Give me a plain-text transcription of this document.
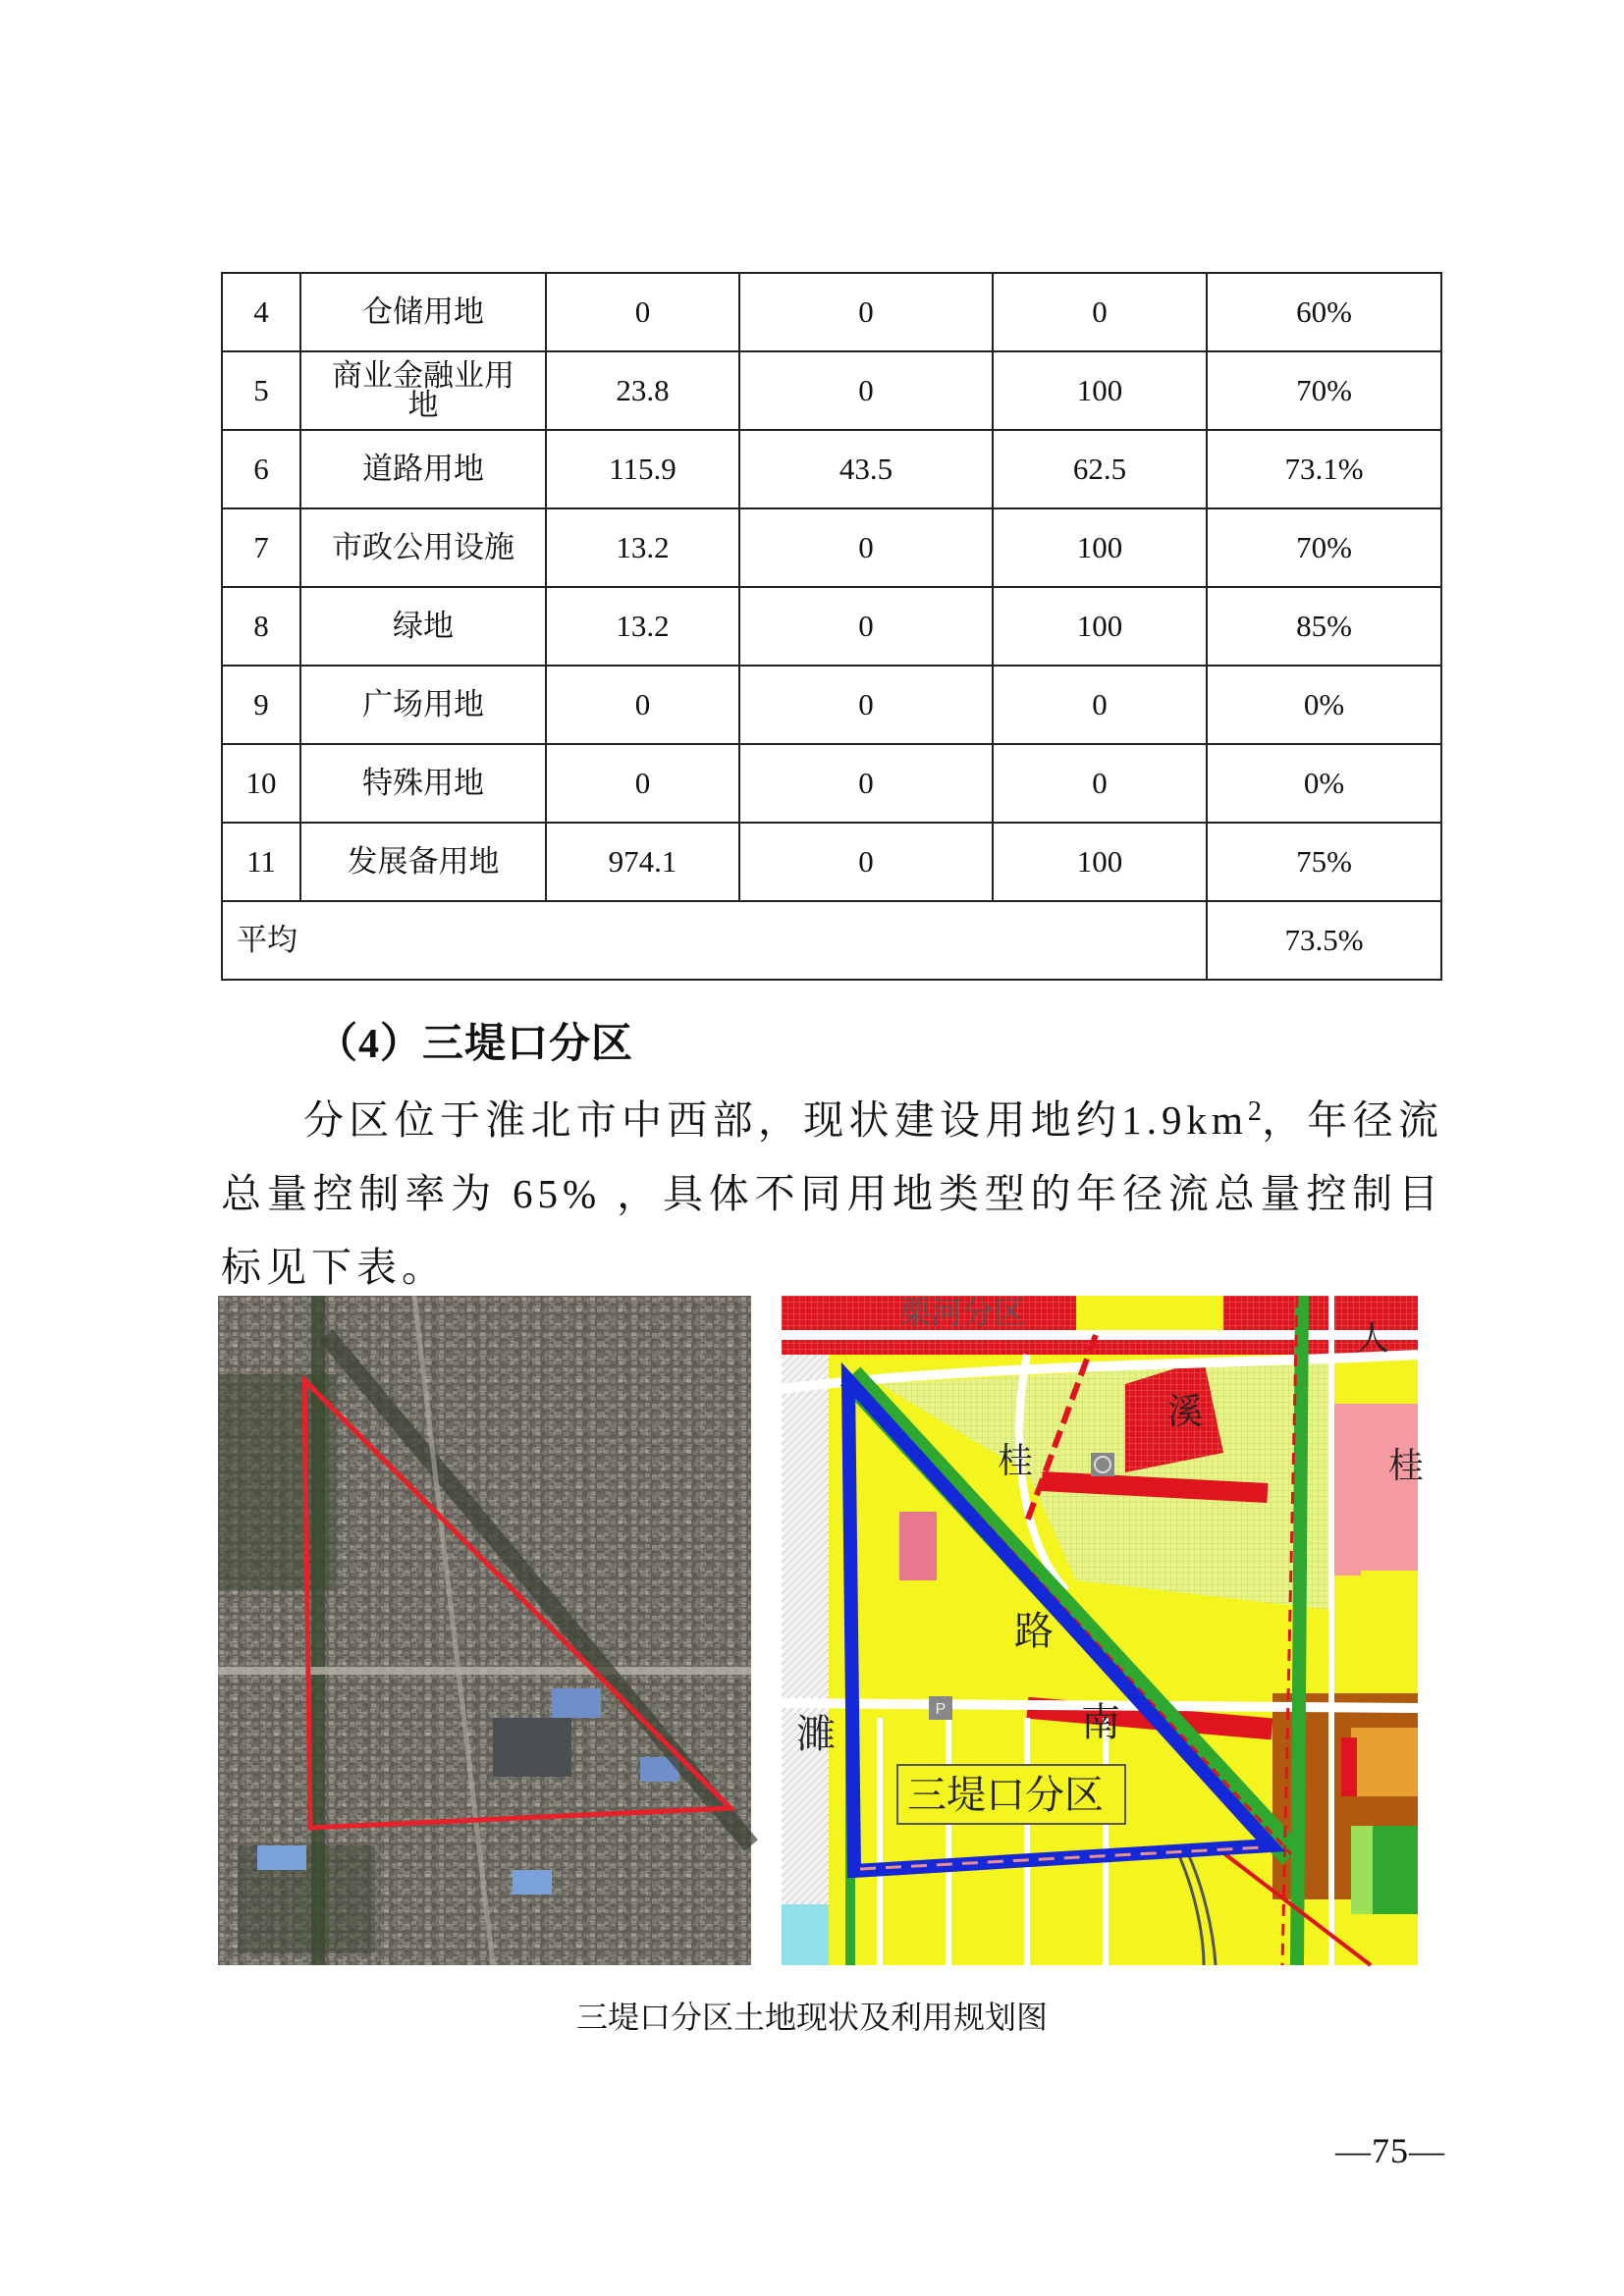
4	仓储用地	0	0	0	60%
5	商业金融业用地	23.8	0	100	70%
6	道路用地	115.9	43.5	62.5	73.1%
7	市政公用设施	13.2	0	100	70%
8	绿地	13.2	0	100	85%
9	广场用地	0	0	0	0%
10	特殊用地	0	0	0	0%
11	发展备用地	974.1	0	100	75%
平均					73.5%
（4）三堤口分区

分区位于淮北市中西部，现状建设用地约$1.9km^2$，年径流总量控制率为 65% ，具体不同用地类型的年径流总量控制目标见下表。

P
栗河分区
人
溪
桂	桂
路
南
濉
三堤口分区
三堤口分区土地现状及利用规划图
—75—
